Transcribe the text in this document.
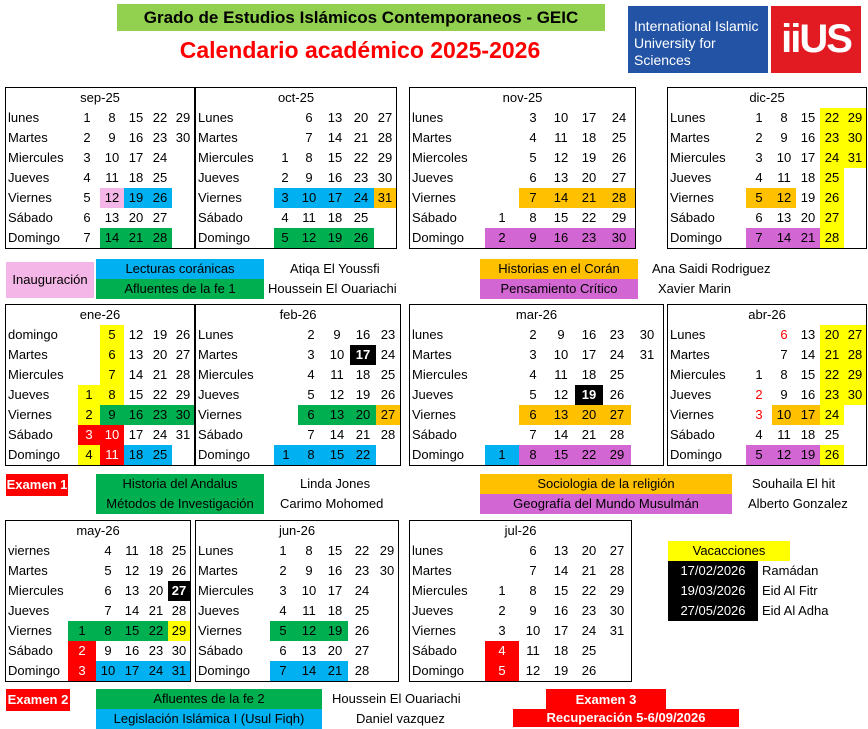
Grado de Estudios Islámicos Contemporaneos - GEIC
Calendario académico 2025-2026
International Islamic University for Sciences	iiUS
sep-25					
lunes	1	8	15	22	29
Martes	2	9	16	23	30
Miercules	3	10	17	24	
Jueves	4	11	18	25	
Viernes	5	12	19	26	
Sábado	6	13	20	27	
Domingo	7	14	21	28	
oct-25					
Lunes		6	13	20	27
Martes		7	14	21	28
Miercules	1	8	15	22	29
Jueves	2	9	16	23	30
Viernes	3	10	17	24	31
Sábado	4	11	18	25	
Domingo	5	12	19	26	
nov-25					
lunes		3	10	17	24
Martes		4	11	18	25
Miercoles		5	12	19	26
Jueves		6	13	20	27
Viernes		7	14	21	28
Sábado	1	8	15	22	29
Domingo	2	9	16	23	30
dic-25					
Lunes	1	8	15	22	29
Martes	2	9	16	23	30
Miercules	3	10	17	24	31
Jueves	4	11	18	25	
Viernes	5	12	19	26	
Sábado	6	13	20	27	
Domingo	7	14	21	28	
ene-26					
domingo		5	12	19	26
Martes		6	13	20	27
Miercules		7	14	21	28
Jueves	1	8	15	22	29
Viernes	2	9	16	23	30
Sábado	3	10	17	24	31
Domingo	4	11	18	25	
feb-26					
Lunes		2	9	16	23
Martes		3	10	17	24
Miercules		4	11	18	25
Jueves		5	12	19	26
Viernes		6	13	20	27
Sábado		7	14	21	28
Domingo	1	8	15	22	
mar-26						
lunes		2	9	16	23	30
Martes		3	10	17	24	31
Miercules		4	11	18	25	
Jueves		5	12	19	26	
Viernes		6	13	20	27	
Sábado		7	14	21	28	
Domingo	1	8	15	22	29	
abr-26					
Lunes		6	13	20	27
Martes		7	14	21	28
Miercules	1	8	15	22	29
Jueves	2	9	16	23	30
Viernes	3	10	17	24	
Sábado	4	11	18	25	
Domingo	5	12	19	26	
may-26					
viernes		4	11	18	25
Martes		5	12	19	26
Miercules		6	13	20	27
Jueves		7	14	21	28
Viernes	1	8	15	22	29
Sábado	2	9	16	23	30
Domingo	3	10	17	24	31
jun-26					
Lunes	1	8	15	22	29
Martes	2	9	16	23	30
Miercules	3	10	17	24	
Jueves	4	11	18	25	
Viernes	5	12	19	26	
Sábado	6	13	20	27	
Domingo	7	14	21	28	
jul-26					
lunes		6	13	20	27
Martes		7	14	21	28
Miercules	1	8	15	22	29
Jueves	2	9	16	23	30
Viernes	3	10	17	24	31
Sábado	4	11	18	25	
Domingo	5	12	19	26	
Inauguración
Lecturas coránicas	Atiqa El Youssfi
Afluentes de la fe 1	Houssein El Ouariachi
Historias en el Corán	Ana Saidi Rodriguez
Pensamiento Crítico	Xavier Marin
Examen 1	Historia del Andalus	Linda Jones
Métodos de Investigación	Carimo Mohomed
Sociologia de la religión	Souhaila El hit
Geografía del Mundo Musulmán	Alberto Gonzalez
Vacacciones
17/02/2026	Ramádan
19/03/2026	Eid Al Fitr
27/05/2026	Eid Al Adha
Examen 2	Afluentes de la fe 2	Houssein El Ouariachi
Legislación Islámica I (Usul Fiqh)	Daniel vazquez
Examen 3
Recuperación 5-6/09/2026
